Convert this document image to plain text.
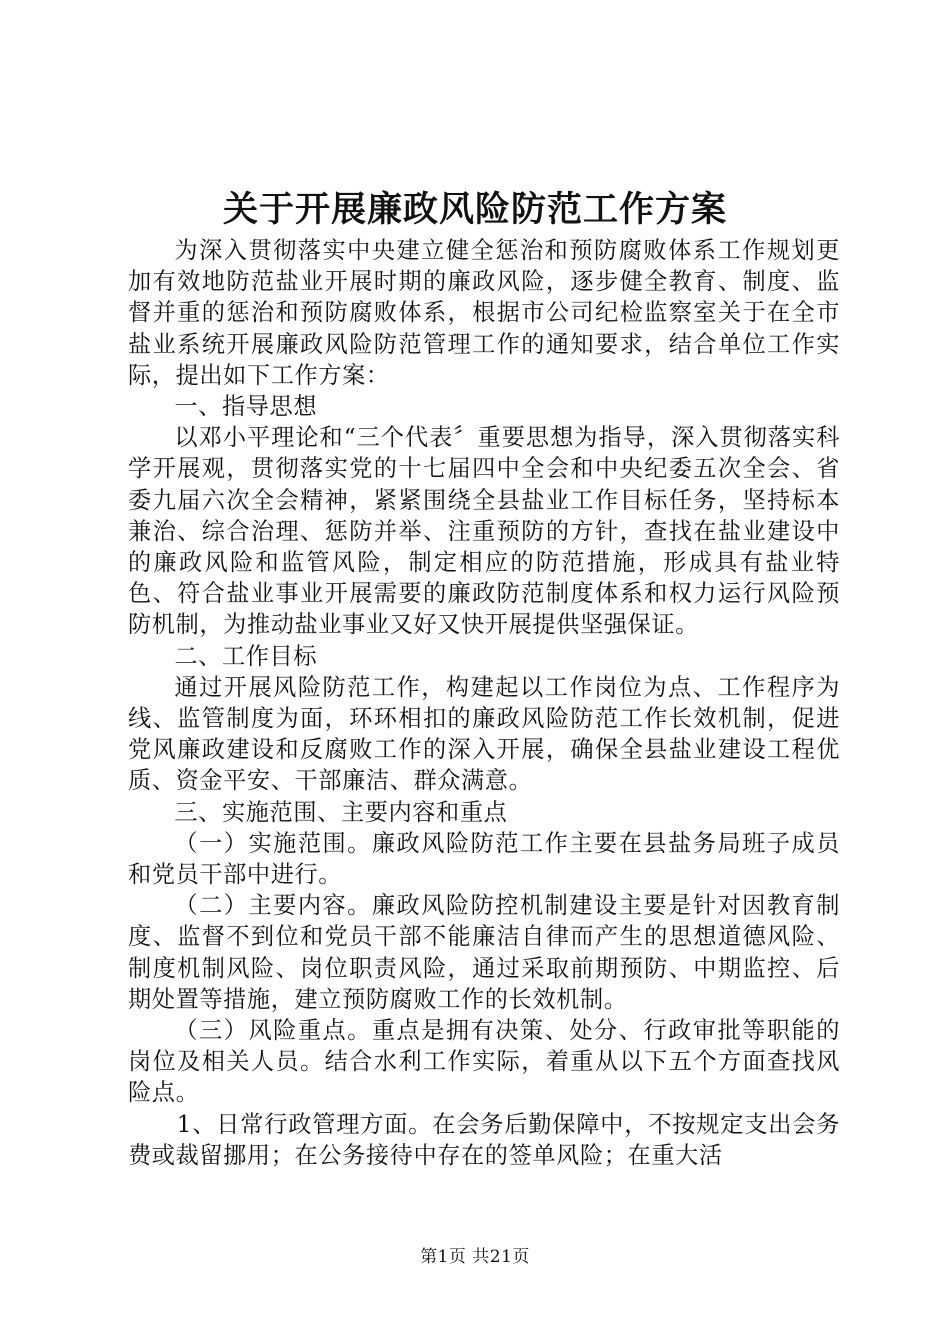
关于开展廉政风险防范工作方案

为深入贯彻落实中央建立健全惩治和预防腐败体系工作规划更加有效地防范盐业开展时期的廉政风险，逐步健全教育、制度、监督并重的惩治和预防腐败体系，根据市公司纪检监察室关于在全市盐业系统开展廉政风险防范管理工作的通知要求，结合单位工作实际，提出如下工作方案：

一、指导思想

以邓小平理论和“三个代表〞重要思想为指导，深入贯彻落实科学开展观，贯彻落实党的十七届四中全会和中央纪委五次全会、省委九届六次全会精神，紧紧围绕全县盐业工作目标任务，坚持标本兼治、综合治理、惩防并举、注重预防的方针，查找在盐业建设中的廉政风险和监管风险，制定相应的防范措施，形成具有盐业特色、符合盐业事业开展需要的廉政防范制度体系和权力运行风险预防机制，为推动盐业事业又好又快开展提供坚强保证。

二、工作目标

通过开展风险防范工作，构建起以工作岗位为点、工作程序为线、监管制度为面，环环相扣的廉政风险防范工作长效机制，促进党风廉政建设和反腐败工作的深入开展，确保全县盐业建设工程优质、资金平安、干部廉洁、群众满意。

三、实施范围、主要内容和重点

（一）实施范围。廉政风险防范工作主要在县盐务局班子成员和党员干部中进行。

（二）主要内容。廉政风险防控机制建设主要是针对因教育制度、监督不到位和党员干部不能廉洁自律而产生的思想道德风险、制度机制风险、岗位职责风险，通过采取前期预防、中期监控、后期处置等措施，建立预防腐败工作的长效机制。

（三）风险重点。重点是拥有决策、处分、行政审批等职能的岗位及相关人员。结合水利工作实际，着重从以下五个方面查找风险点。

1、日常行政管理方面。在会务后勤保障中，不按规定支出会务费或裁留挪用；在公务接待中存在的签单风险；在重大活

第1页 共21页
